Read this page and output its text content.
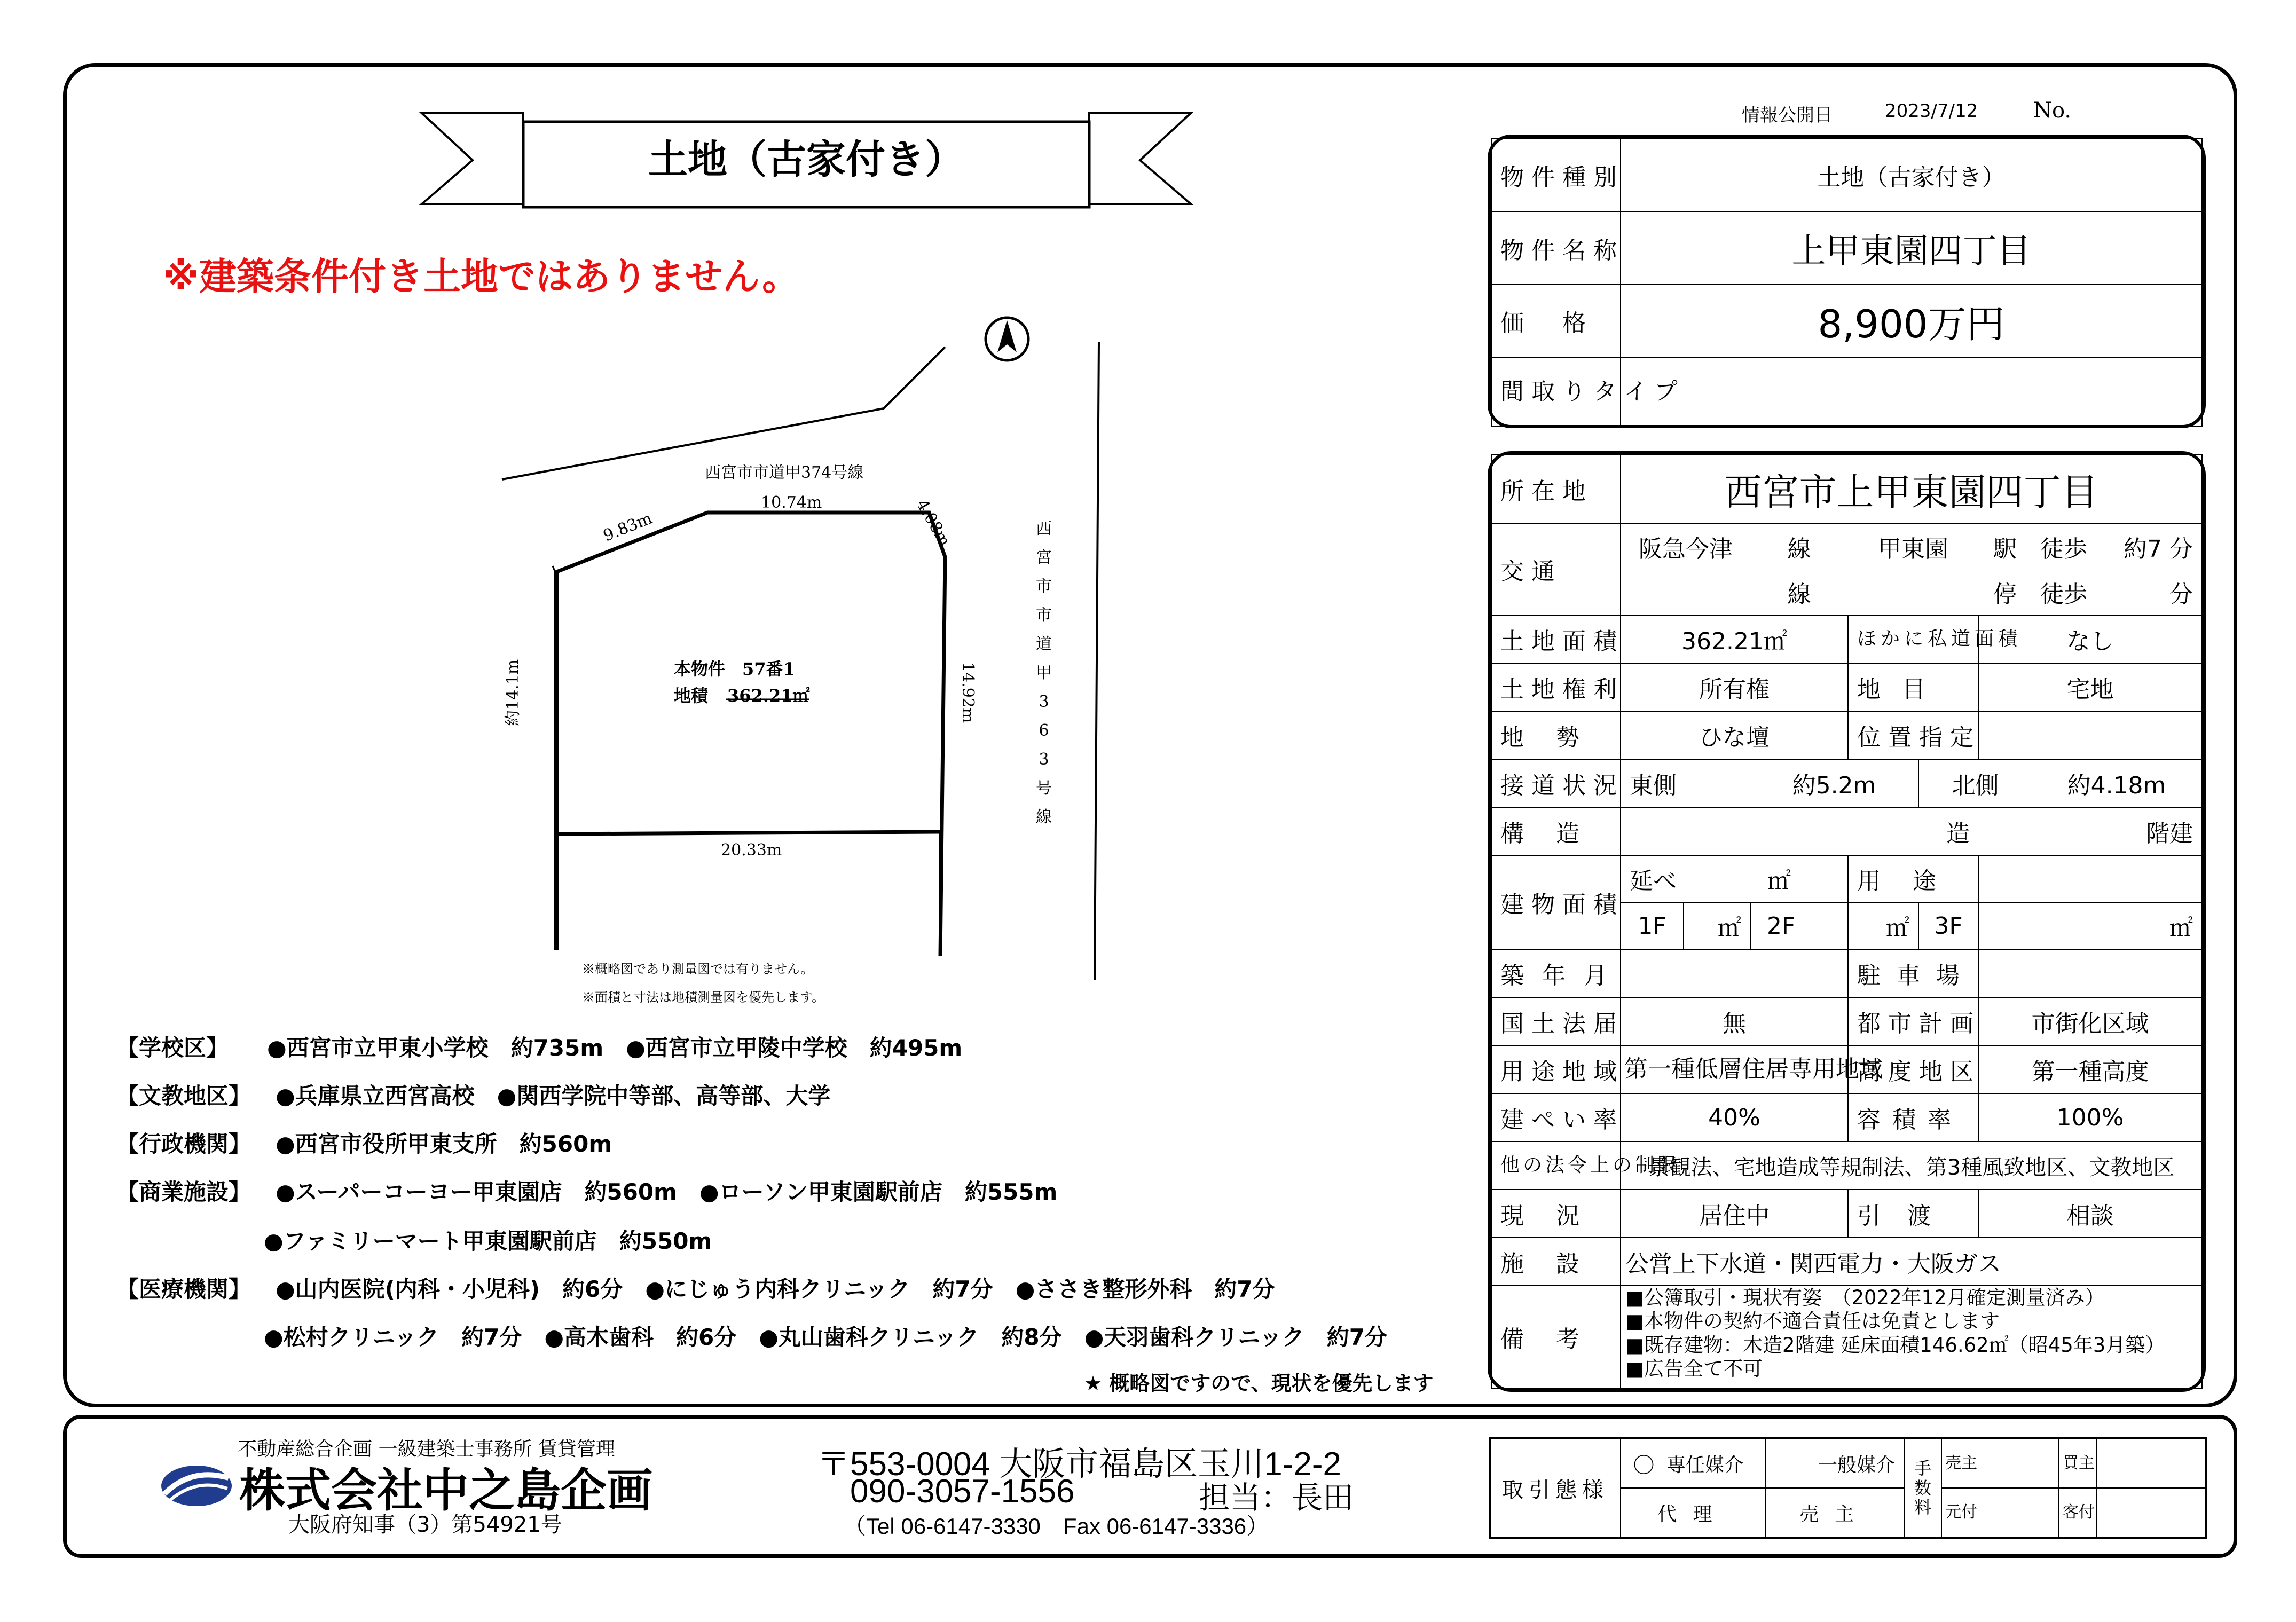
情報公開日	2023/7/12	No.
土地（古家付き）
※建築条件付き土地ではありません。
西宮市市道甲374号線
西
宮
市
市
道
甲
3
6
3
号
線
9.83m
10.74m	4.08m
約14.1m	14.92m
20.33m
本物件　57番1
地積 362.21㎡
※概略図であり測量図では有りません。
※面積と寸法は地積測量図を優先します。
【学校区】 ●西宮市立甲東小学校　約735m　●西宮市立甲陵中学校　約495m
【文教地区】 ●兵庫県立西宮高校　●関西学院中等部、高等部、大学
【行政機関】 ●西宮市役所甲東支所　約560m
【商業施設】 ●スーパーコーヨー甲東園店　約560m　●ローソン甲東園駅前店　約555m
●ファミリーマート甲東園駅前店　約550m
【医療機関】 ●山内医院(内科・小児科)　約6分　●にじゅう内科クリニック　約7分　●ささき整形外科　約7分
●松村クリニック　約7分　●高木歯科　約6分　●丸山歯科クリニック　約8分　●天羽歯科クリニック　約7分
★ 概略図ですので、現状を優先します
物件種別	土地（古家付き）
物件名称	上甲東園四丁目
価　格	8,900万円
間取りタイプ	
所在地	西宮市上甲東園四丁目							
交通	阪急今津		線	甲東園		駅	徒歩	約7 分
			線			停	徒歩	分
土地面積	362.21㎡			ほかに私道面積		なし		
土地権利	所有権			地目		宅地		
地勢	ひな壇			位置指定				
接道状況	東側		約5.2m		北側		約4.18m	
構造	造					階建		
建物面積	延べ ㎡			用途				
	1F	㎡	2F	㎡	3F	㎡		
築年月				駐車場				
国土法届	無			都市計画		市街化区域		
用途地域	第一種低層住居専用地域			高度地区		第一種高度		
建ぺい率	40%			容積率		100%		
他の法令上の制限	景観法、宅地造成等規制法、第3種風致地区、文教地区							
現況	居住中			引渡		相談		
施設	公営上下水道・関西電力・大阪ガス							
備考	■公簿取引・現状有姿　（2022年12月確定測量済み）
■本物件の契約不適合責任は免責とします
■既存建物：木造2階建 延床面積146.62㎡（昭45年3月築）
■広告全て不可							
不動産総合企画 一級建築士事務所 賃貸管理
株式会社中之島企画
大阪府知事（3）第54921号
〒553-0004 大阪市福島区玉川1-2-2
090-3057-1556	担当：長田
（Tel 06-6147-3330　Fax 06-6147-3336）
取引態様	〇	専任媒介	一般媒介	手数料	売主	買主	
	代理		売主		元付	客付	
